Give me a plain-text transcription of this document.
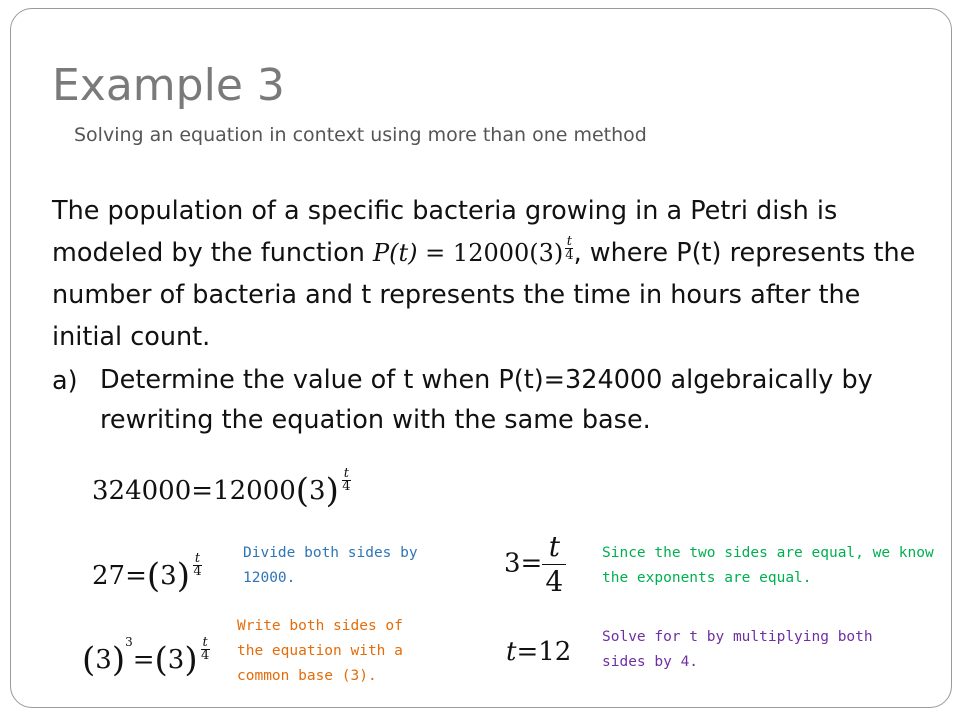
Example 3
Solving an equation in context using more than one method

The population of a specific bacteria growing in a Petri dish is modeled by the function $P(t) = 12000(3) \frac{t}{4}$ , where P(t) represents the number of bacteria and t represents the time in hours after the initial count.

a) Determine the value of t when P(t)=324000 algebraically by rewriting the equation with the same base.
$324000=12000(3) \frac{t}{4}$
$27=(3) \frac{t}{4}$
$(3)^3=(3) \frac{t}{4}$
$3= \frac{t}{4}$
t=12
Divide both sides by 12000.
Write both sides of the equation with a common base (3).
Since the two sides are equal, we know the exponents are equal.
Solve for t by multiplying both sides by 4.
